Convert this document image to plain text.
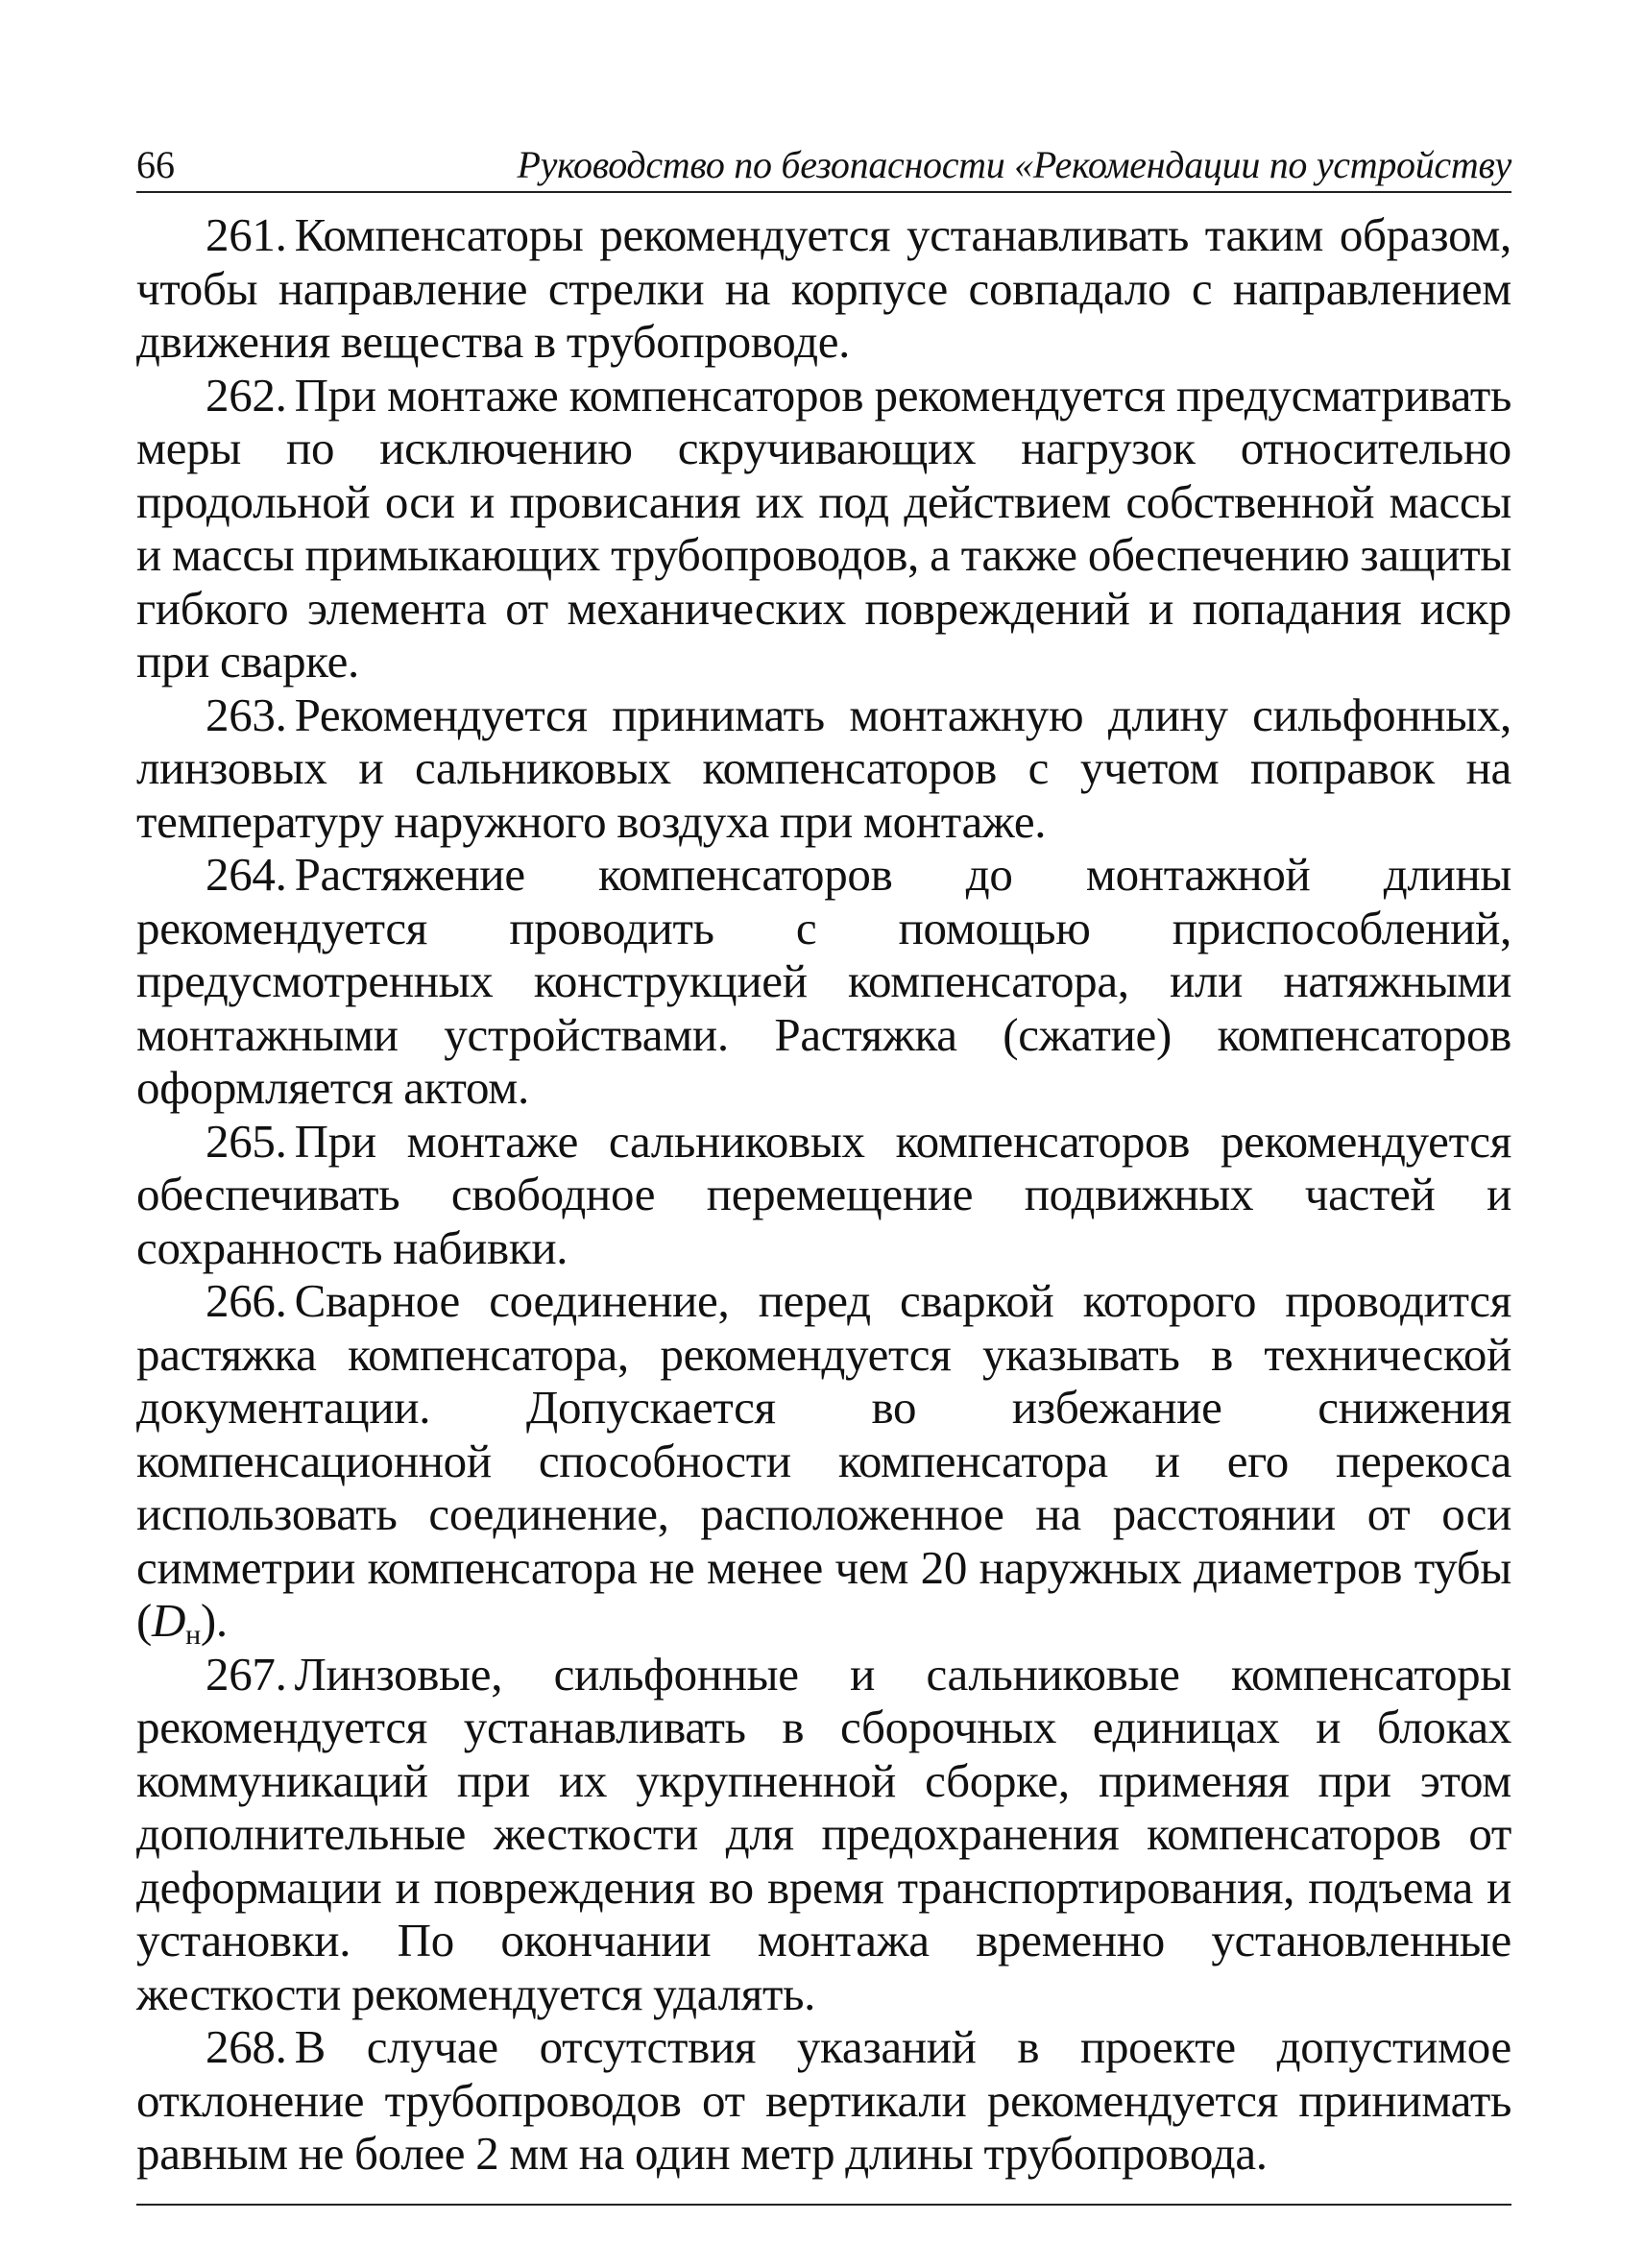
66	Руководство по безопасности «Рекомендации по устройству

261. Компенсаторы рекомендуется устанавливать таким образом, чтобы направление стрелки на корпусе совпадало с направлением движения вещества в трубопроводе.

262. При монтаже компенсаторов рекомендуется предусматривать меры по исключению скручивающих нагрузок относительно продольной оси и провисания их под действием собственной массы и массы примыкающих трубопроводов, а также обеспечению защиты гибкого элемента от механических повреждений и попадания искр при сварке.

263. Рекомендуется принимать монтажную длину сильфонных, линзовых и сальниковых компенсаторов с учетом поправок на температуру наружного воздуха при монтаже.

264. Растяжение компенсаторов до монтажной длины рекомендуется проводить с помощью приспособлений, предусмотренных конструкцией компенсатора, или натяжными монтажными устройствами. Растяжка (сжатие) компенсаторов оформляется актом.

265. При монтаже сальниковых компенсаторов рекомендуется обеспечивать свободное перемещение подвижных частей и сохранность набивки.

266. Сварное соединение, перед сваркой которого проводится растяжка компенсатора, рекомендуется указывать в технической документации. Допускается во избежание снижения компенсационной способности компенсатора и его перекоса использовать соединение, расположенное на расстоянии от оси симметрии компенсатора не менее чем 20 наружных диаметров тубы $(D_н)$.

267. Линзовые, сильфонные и сальниковые компенсаторы рекомендуется устанавливать в сборочных единицах и блоках коммуникаций при их укрупненной сборке, применяя при этом дополнительные жесткости для предохранения компенсаторов от деформации и повреждения во время транспортирования, подъема и установки. По окончании монтажа временно установленные жесткости рекомендуется удалять.

268. В случае отсутствия указаний в проекте допустимое отклонение трубопроводов от вертикали рекомендуется принимать равным не более 2 мм на один метр длины трубопровода.
